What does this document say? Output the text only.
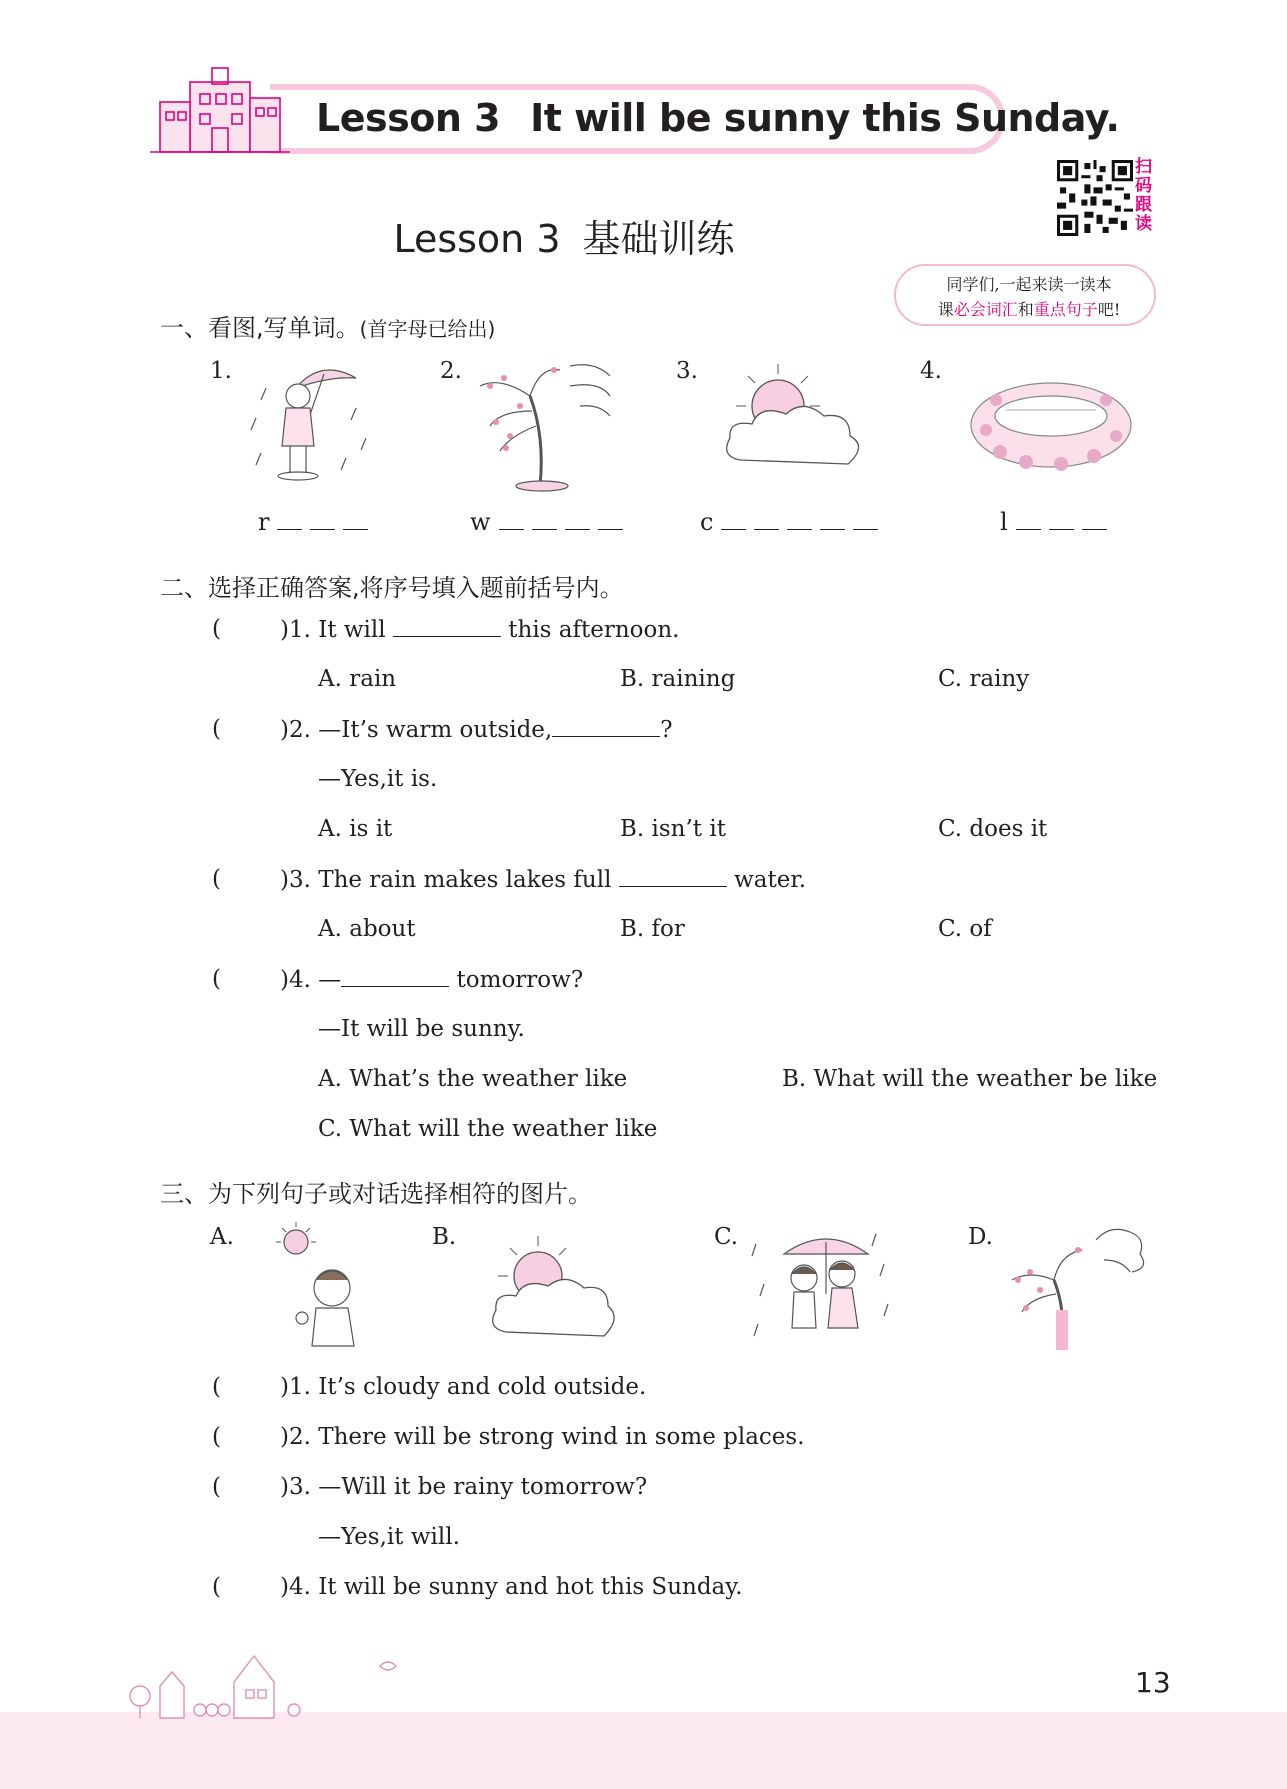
Lesson 3 It will be sunny this Sunday.
Lesson 3 基础训练
扫码跟读
同学们,一起来读一读本
课必会词汇和重点句子吧!
一、看图,写单词。(首字母已给出)
1.	2.	3.	4.
r	w	c	l
二、选择正确答案,将序号填入题前括号内。
(	)1. It will	this afternoon.
A. rain	B. raining	C. rainy
(	)2. —It’s warm outside,	?
—Yes,it is.
A. is it	B. isn’t it	C. does it
(	)3. The rain makes lakes full	water.
A. about	B. for	C. of
(	)4. —	tomorrow?
—It will be sunny.
A. What’s the weather like	B. What will the weather be like
C. What will the weather like
三、为下列句子或对话选择相符的图片。
A.	B.	C.	D.
(	)1. It’s cloudy and cold outside.
(	)2. There will be strong wind in some places.
(	)3. —Will it be rainy tomorrow?
—Yes,it will.
(	)4. It will be sunny and hot this Sunday.
13
